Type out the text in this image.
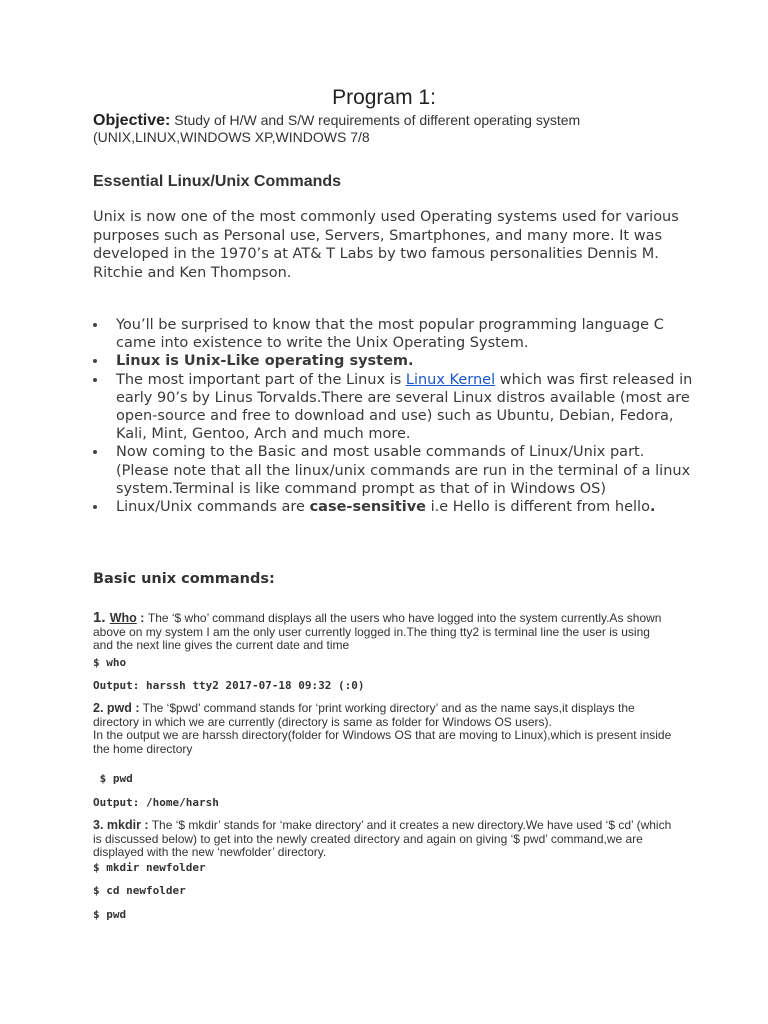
Program 1:
Objective: Study of H/W and S/W requirements of different operating system (UNIX,LINUX,WINDOWS XP,WINDOWS 7/8
Essential Linux/Unix Commands
Unix is now one of the most commonly used Operating systems used for various purposes such as Personal use, Servers, Smartphones, and many more. It was developed in the 1970’s at AT& T Labs by two famous personalities Dennis M. Ritchie and Ken Thompson.
You’ll be surprised to know that the most popular programming language C came into existence to write the Unix Operating System.
Linux is Unix-Like operating system.
The most important part of the Linux is Linux Kernel which was first released in early 90’s by Linus Torvalds.There are several Linux distros available (most are open-source and free to download and use) such as Ubuntu, Debian, Fedora, Kali, Mint, Gentoo, Arch and much more.
Now coming to the Basic and most usable commands of Linux/Unix part.(Please note that all the linux/unix commands are run in the terminal of a linux system.Terminal is like command prompt as that of in Windows OS)
Linux/Unix commands are case-sensitive i.e Hello is different from hello.
Basic unix commands:
1. Who : The ‘$ who’ command displays all the users who have logged into the system currently.As shown above on my system I am the only user currently logged in.The thing tty2 is terminal line the user is using and the next line gives the current date and time
$ who
Output: harssh tty2 2017-07-18 09:32 (:0)
2. pwd : The ‘$pwd’ command stands for ‘print working directory’ and as the name says,it displays the directory in which we are currently (directory is same as folder for Windows OS users).
In the output we are harssh directory(folder for Windows OS that are moving to Linux),which is present inside the home directory
$ pwd
Output: /home/harsh
3. mkdir : The ‘$ mkdir’ stands for ‘make directory’ and it creates a new directory.We have used ‘$ cd’ (which is discussed below) to get into the newly created directory and again on giving ‘$ pwd’ command,we are displayed with the new ‘newfolder’ directory.
$ mkdir newfolder
$ cd newfolder
$ pwd
